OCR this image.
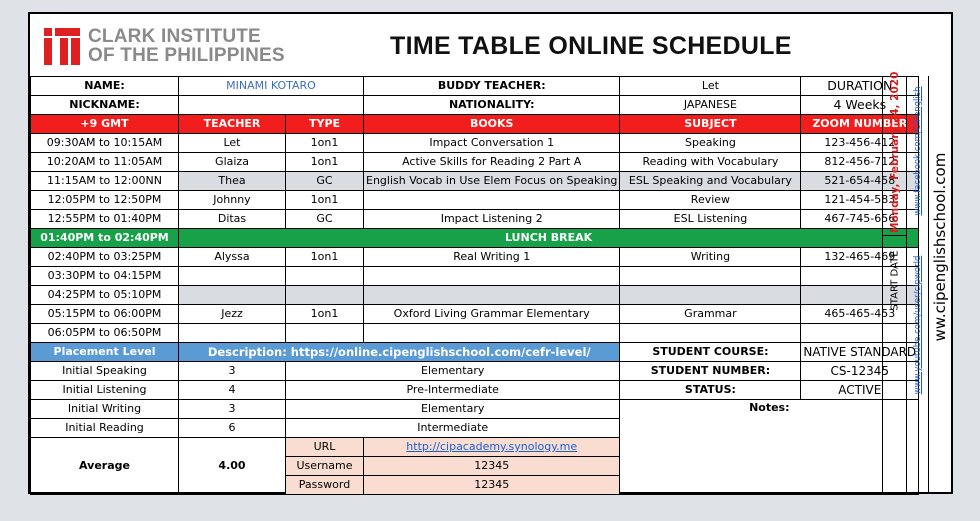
CLARK INSTITUTE
OF THE PHILIPPINES	TIME TABLE ONLINE SCHEDULE
NAME:	MINAMI KOTARO		BUDDY TEACHER:	Let	DURATION
NICKNAME:			NATIONALITY:	JAPANESE	4 Weeks
+9 GMT	TEACHER	TYPE	BOOKS	SUBJECT	ZOOM NUMBER
09:30AM to 10:15AM	Let	1on1	Impact Conversation 1	Speaking	123-456-412
10:20AM to 11:05AM	Glaiza	1on1	Active Skills for Reading 2 Part A	Reading with Vocabulary	812-456-712
11:15AM to 12:00NN	Thea	GC	English Vocab in Use Elem Focus on Speaking	ESL Speaking and Vocabulary	521-654-458
12:05PM to 12:50PM	Johnny	1on1		Review	121-454-583
12:55PM to 01:40PM	Ditas	GC	Impact Listening 2	ESL Listening	467-745-656
01:40PM to 02:40PM	LUNCH BREAK				
02:40PM to 03:25PM	Alyssa	1on1	Real Writing 1	Writing	132-465-469
03:30PM to 04:15PM					
04:25PM to 05:10PM					
05:15PM to 06:00PM	Jezz	1on1	Oxford Living Grammar Elementary	Grammar	465-465-453
06:05PM to 06:50PM					
Placement Level	Description: https://online.cipenglishschool.com/cefr-level/			STUDENT COURSE:	NATIVE STANDARD
Initial Speaking	3	Elementary		STUDENT NUMBER:	CS-12345
Initial Listening	4	Pre-Intermediate		STATUS:	ACTIVE
Initial Writing	3	Elementary		Notes:	
Initial Reading	6	Intermediate			
Average	4.00	URL	http://cipacademy.synology.me		
		Username	12345		
		Password	12345		
Monday, February 24, 2020
START DATE
www.facebook.com/CIPenglish
www.youtube.com/user/cipworld ww.cipenglishschool.com
